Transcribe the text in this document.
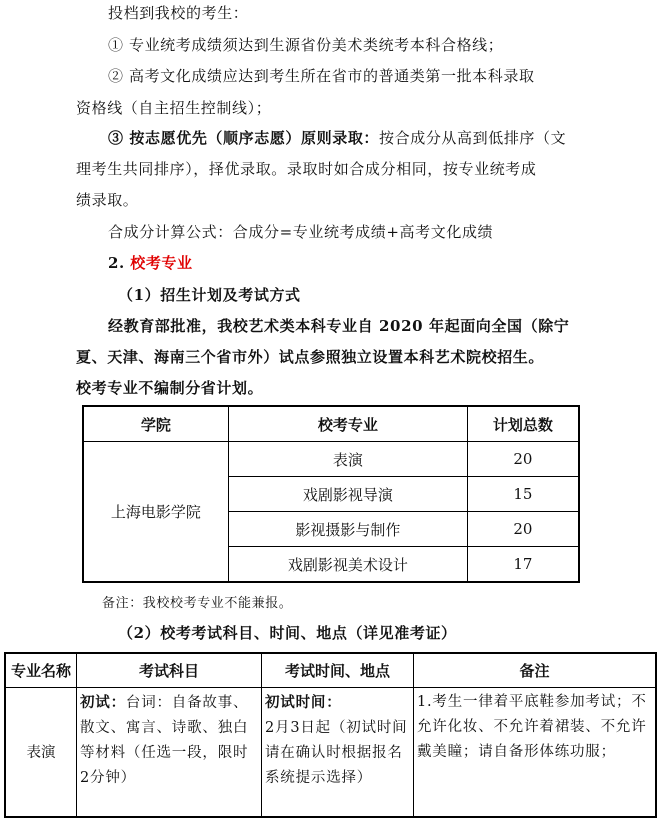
投档到我校的考生：
① 专业统考成绩须达到生源省份美术类统考本科合格线；
② 高考文化成绩应达到考生所在省市的普通类第一批本科录取
资格线（自主招生控制线）；
③ 按志愿优先（顺序志愿）原则录取：按合成分从高到低排序（文
理考生共同排序），择优录取。录取时如合成分相同，按专业统考成
绩录取。
合成分计算公式：合成分=专业统考成绩+高考文化成绩
2. 校考专业
（1）招生计划及考试方式
经教育部批准，我校艺术类本科专业自 2020 年起面向全国（除宁
夏、天津、海南三个省市外）试点参照独立设置本科艺术院校招生。
校考专业不编制分省计划。
学院	校考专业	计划总数
上海电影学院	表演	20
	戏剧影视导演	15
	影视摄影与制作	20
	戏剧影视美术设计	17
备注：我校校考专业不能兼报。
（2）校考考试科目、时间、地点（详见准考证）
专业名称	考试科目	考试时间、地点	备注
表演	初试：台词：自备故事、散文、寓言、诗歌、独白等材料（任选一段，限时2分钟）	初试时间：
2月3日起（初试时间请在确认时根据报名系统提示选择）	1.考生一律着平底鞋参加考试；不允许化妆、不允许着裙装、不允许戴美瞳；请自备形体练功服；
